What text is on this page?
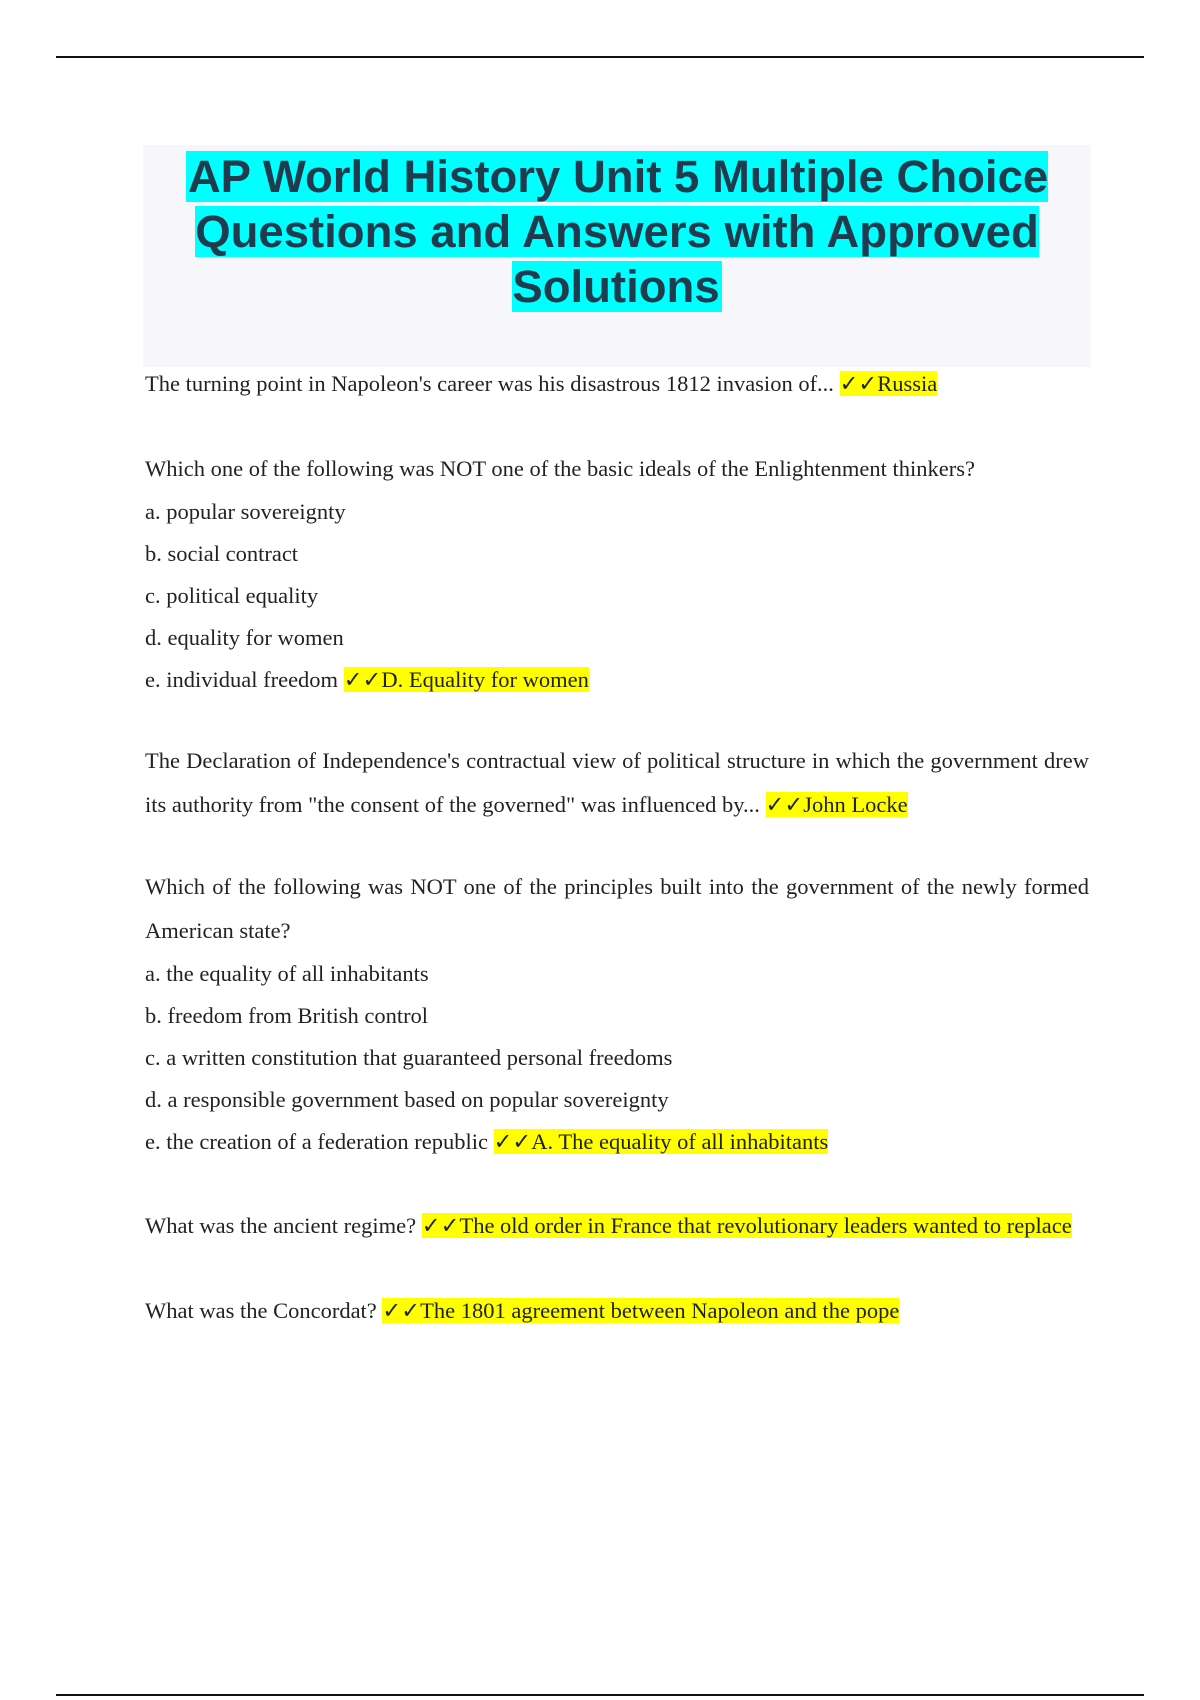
AP World History Unit 5 Multiple Choice Questions and Answers with Approved Solutions

The turning point in Napoleon's career was his disastrous 1812 invasion of... ✓✓Russia

Which one of the following was NOT one of the basic ideals of the Enlightenment thinkers?

a. popular sovereignty

b. social contract

c. political equality

d. equality for women

e. individual freedom ✓✓D. Equality for women

The Declaration of Independence's contractual view of political structure in which the government drew its authority from "the consent of the governed" was influenced by... ✓✓John Locke

Which of the following was NOT one of the principles built into the government of the newly formed American state?

a. the equality of all inhabitants

b. freedom from British control

c. a written constitution that guaranteed personal freedoms

d. a responsible government based on popular sovereignty

e. the creation of a federation republic ✓✓A. The equality of all inhabitants

What was the ancient regime? ✓✓The old order in France that revolutionary leaders wanted to replace

What was the Concordat? ✓✓The 1801 agreement between Napoleon and the pope
